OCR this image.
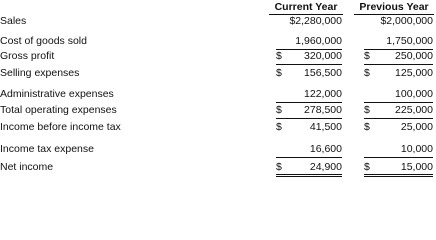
Current Year	Previous Year
Sales	$2,280,000	$2,000,000
Cost of goods sold	1,960,000	1,750,000
Gross profit	$ 320,000 $ 250,000
Selling expenses	$ 156,500 $ 125,000
Administrative expenses	122,000	100,000
Total operating expenses	$ 278,500 $ 225,000
Income before income tax	$	41,500 $	25,000
Income tax expense	16,600	10,000
Net income	$	24,900 $	15,000
